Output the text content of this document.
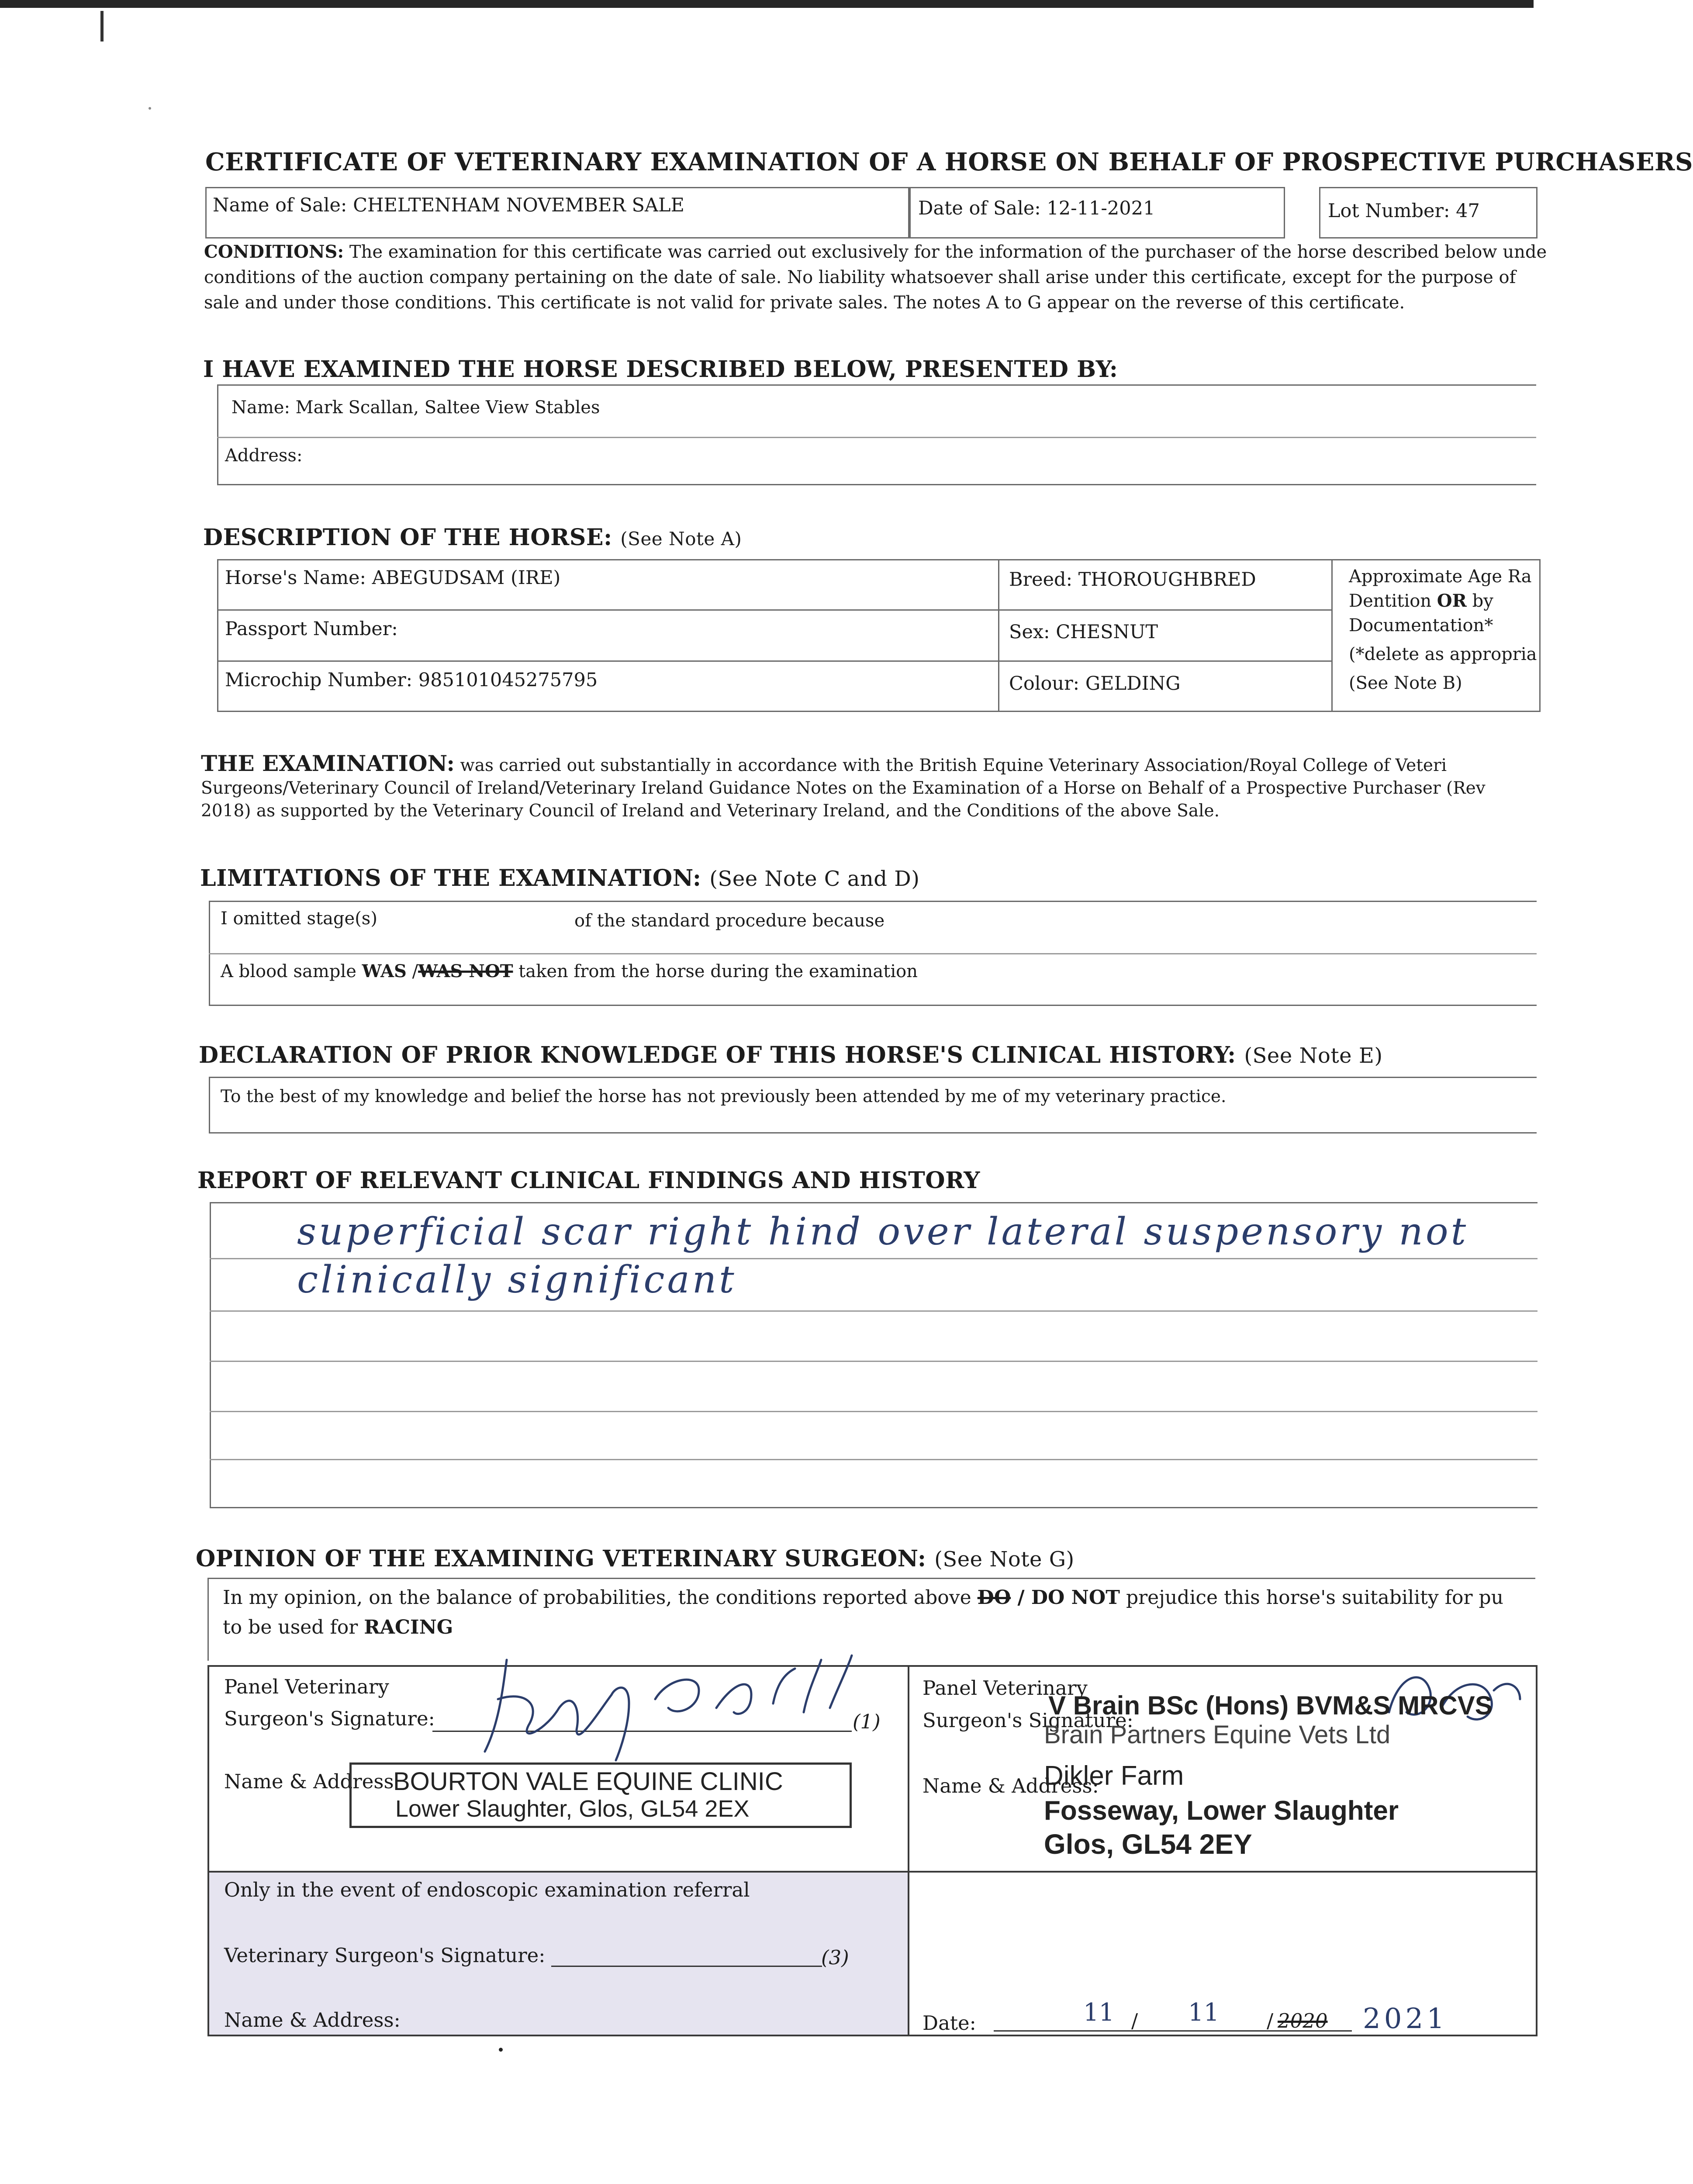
CERTIFICATE OF VETERINARY EXAMINATION OF A HORSE ON BEHALF OF PROSPECTIVE PURCHASERS
Name of Sale: CHELTENHAM NOVEMBER SALE	Date of Sale: 12-11-2021	Lot Number: 47
CONDITIONS: The examination for this certificate was carried out exclusively for the information of the purchaser of the horse described below unde
conditions of the auction company pertaining on the date of sale. No liability whatsoever shall arise under this certificate, except for the purpose of
sale and under those conditions. This certificate is not valid for private sales. The notes A to G appear on the reverse of this certificate.
I HAVE EXAMINED THE HORSE DESCRIBED BELOW, PRESENTED BY:
Name: Mark Scallan, Saltee View Stables
Address:
DESCRIPTION OF THE HORSE: (See Note A)
Horse's Name: ABEGUDSAM (IRE)	Breed: THOROUGHBRED
Passport Number:	Sex: CHESNUT
Microchip Number: 985101045275795	Colour: GELDING
Approximate Age Ra
Dentition OR by
Documentation*
(*delete as appropria
(See Note B)
THE EXAMINATION: was carried out substantially in accordance with the British Equine Veterinary Association/Royal College of Veteri
Surgeons/Veterinary Council of Ireland/Veterinary Ireland Guidance Notes on the Examination of a Horse on Behalf of a Prospective Purchaser (Rev
2018) as supported by the Veterinary Council of Ireland and Veterinary Ireland, and the Conditions of the above Sale.
LIMITATIONS OF THE EXAMINATION: (See Note C and D)
I omitted stage(s)	of the standard procedure because
A blood sample WAS /WAS NOT taken from the horse during the examination
DECLARATION OF PRIOR KNOWLEDGE OF THIS HORSE'S CLINICAL HISTORY: (See Note E)
To the best of my knowledge and belief the horse has not previously been attended by me of my veterinary practice.
REPORT OF RELEVANT CLINICAL FINDINGS AND HISTORY
superficial scar right hind over lateral suspensory not
clinically significant
OPINION OF THE EXAMINING VETERINARY SURGEON: (See Note G)
In my opinion, on the balance of probabilities, the conditions reported above DO / DO NOT prejudice this horse's suitability for pu
to be used for RACING
Panel Veterinary
Surgeon's Signature:	(1)
Name & Address
BOURTON VALE EQUINE CLINIC
Lower Slaughter, Glos, GL54 2EX
Panel Veterinary
Surgeon's Signature:
Name & Address:
V Brain BSc (Hons) BVM&S MRCVS
Brain Partners Equine Vets Ltd
Dikler Farm
Fosseway, Lower Slaughter
Glos, GL54 2EY
Only in the event of endoscopic examination referral
Veterinary Surgeon's Signature:	(3)
Name & Address:	Date:	11 / 11 / 2020 2021
